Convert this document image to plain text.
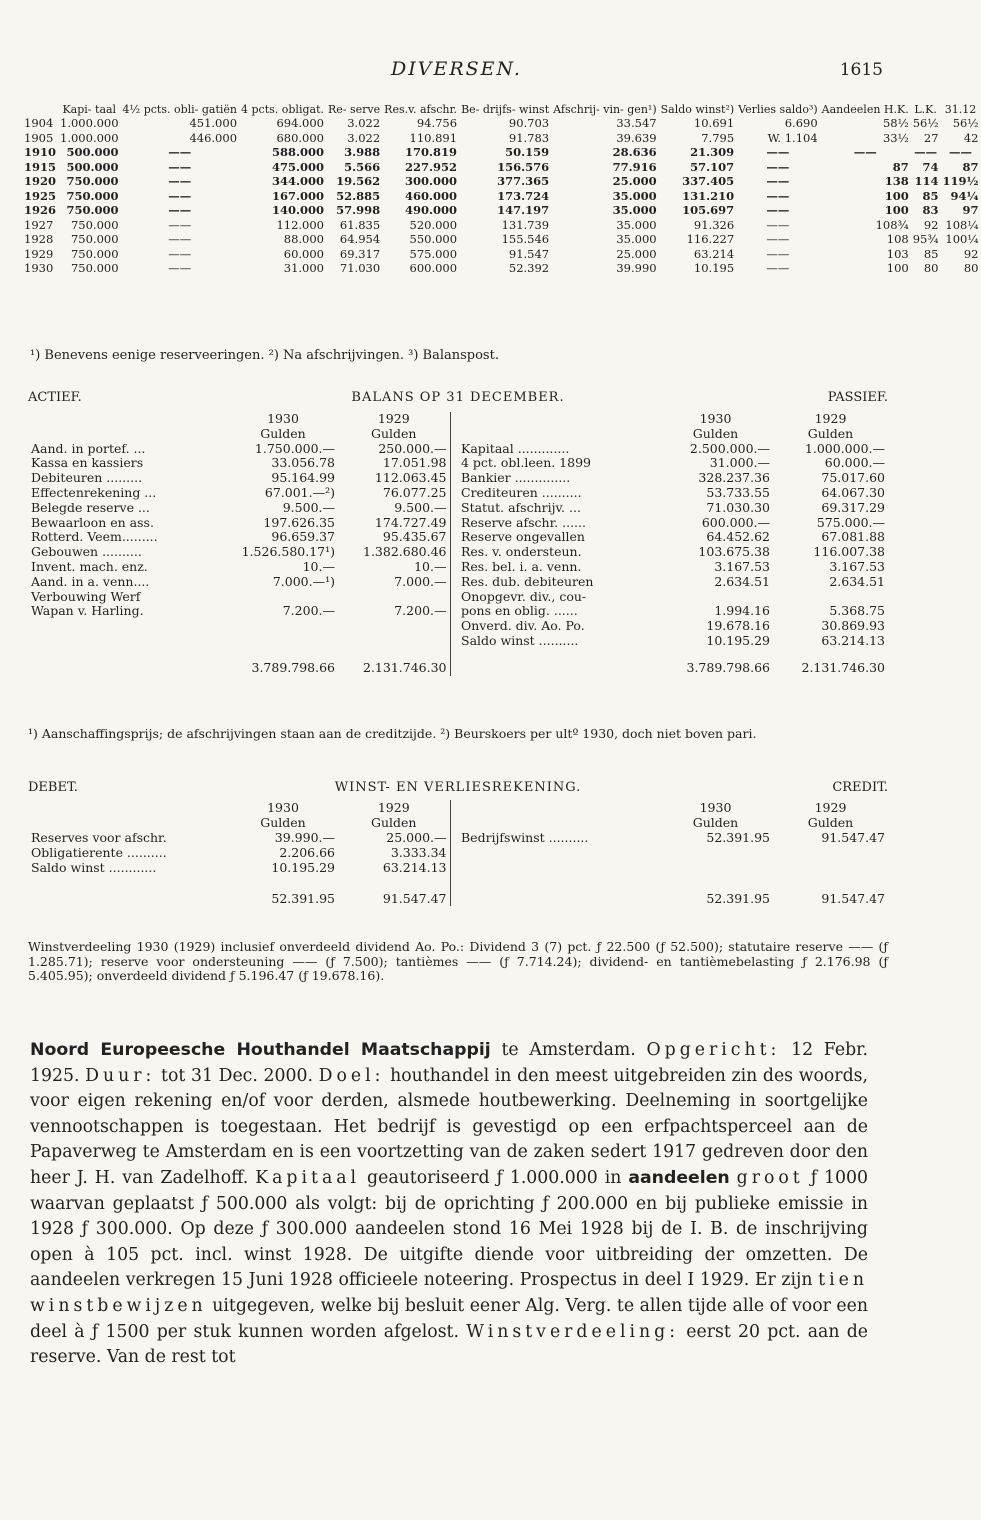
DIVERSEN.	1615
	Kapi- taal	4½ pcts. obli- gatiën	4 pcts. obligat.	Re- serve	Res.v. afschr.	Be- drijfs- winst	Afschrij- vin- gen¹)	Saldo winst²)	Verlies saldo³)	Aandeelen H.K.	L.K.	31.12
1904	1.000.000	451.000	694.000	3.022	94.756	90.703	33.547	10.691	6.690	58½	56½	56½
1905	1.000.000	446.000	680.000	3.022	110.891	91.783	39.639	7.795	W. 1.104	33½	27	42
1910	500.000	——	588.000	3.988	170.819	50.159	28.636	21.309	——	——	——	——
1915	500.000	——	475.000	5.566	227.952	156.576	77.916	57.107	——	87	74	87
1920	750.000	——	344.000	19.562	300.000	377.365	25.000	337.405	——	138	114	119½
1925	750.000	——	167.000	52.885	460.000	173.724	35.000	131.210	——	100	85	94¼
1926	750.000	——	140.000	57.998	490.000	147.197	35.000	105.697	——	100	83	97
1927	750.000	——	112.000	61.835	520.000	131.739	35.000	91.326	——	108¾	92	108¼
1928	750.000	——	88.000	64.954	550.000	155.546	35.000	116.227	——	108	95¾	100¼
1929	750.000	——	60.000	69.317	575.000	91.547	25.000	63.214	——	103	85	92
1930	750.000	——	31.000	71.030	600.000	52.392	39.990	10.195	——	100	80	80
¹) Benevens eenige reserveeringen. ²) Na afschrijvingen. ³) Balanspost.
BALANS OP 31 DECEMBER.
ACTIEF.	PASSIEF.
	1930	1929			1930	1929
	Gulden	Gulden			Gulden	Gulden
Aand. in portef. ...	1.750.000.—	250.000.—		Kapitaal .............	2.500.000.—	1.000.000.—
Kassa en kassiers	33.056.78	17.051.98		4 pct. obl.leen. 1899	31.000.—	60.000.—
Debiteuren .........	95.164.99	112.063.45		Bankier ..............	328.237.36	75.017.60
Effectenrekening ...	67.001.—²)	76.077.25		Crediteuren ..........	53.733.55	64.067.30
Belegde reserve ...	9.500.—	9.500.—		Statut. afschrijv. ...	71.030.30	69.317.29
Bewaarloon en ass.	197.626.35	174.727.49		Reserve afschr. ......	600.000.—	575.000.—
Rotterd. Veem.........	96.659.37	95.435.67		Reserve ongevallen	64.452.62	67.081.88
Gebouwen ..........	1.526.580.17¹)	1.382.680.46		Res. v. ondersteun.	103.675.38	116.007.38
Invent. mach. enz.	10.—	10.—		Res. bel. i. a. venn.	3.167.53	3.167.53
Aand. in a. venn....	7.000.—¹)	7.000.—		Res. dub. debiteuren	2.634.51	2.634.51
Verbouwing Werf				Onopgevr. div., cou-		
Wapan v. Harling.	7.200.—	7.200.—		pons en oblig. ......	1.994.16	5.368.75
				Onverd. div. Ao. Po.	19.678.16	30.869.93
				Saldo winst ..........	10.195.29	63.214.13
	3.789.798.66	2.131.746.30			3.789.798.66	2.131.746.30
¹) Aanschaffingsprijs; de afschrijvingen staan aan de creditzijde. ²) Beurskoers per ultº 1930, doch niet boven pari.
WINST- EN VERLIESREKENING.
DEBET.	CREDIT.
	1930	1929			1930	1929
	Gulden	Gulden			Gulden	Gulden
Reserves voor afschr.	39.990.—	25.000.—		Bedrijfswinst ..........	52.391.95	91.547.47
Obligatierente ..........	2.206.66	3.333.34				
Saldo winst ............	10.195.29	63.214.13				
	52.391.95	91.547.47			52.391.95	91.547.47
Winstverdeeling 1930 (1929) inclusief onverdeeld dividend Ao. Po.: Dividend 3 (7) pct. ƒ 22.500 (ƒ 52.500); statutaire reserve —— (ƒ 1.285.71); reserve voor ondersteuning —— (ƒ 7.500); tantièmes —— (ƒ 7.714.24); dividend- en tantièmebelasting ƒ 2.176.98 (ƒ 5.405.95); onverdeeld dividend ƒ 5.196.47 (ƒ 19.678.16).
Noord Europeesche Houthandel Maatschappij te Amsterdam. Opgericht: 12 Febr. 1925. Duur: tot 31 Dec. 2000. Doel: houthandel in den meest uitgebreiden zin des woords, voor eigen rekening en/of voor derden, alsmede houtbewerking. Deelneming in soortgelijke vennootschappen is toegestaan. Het bedrijf is gevestigd op een erfpachtsperceel aan de Papaverweg te Amsterdam en is een voortzetting van de zaken sedert 1917 gedreven door den heer J. H. van Zadelhoff. Kapitaal geautoriseerd ƒ 1.000.000 in aandeelen groot ƒ 1000 waarvan geplaatst ƒ 500.000 als volgt: bij de oprichting ƒ 200.000 en bij publieke emissie in 1928 ƒ 300.000. Op deze ƒ 300.000 aandeelen stond 16 Mei 1928 bij de I. B. de inschrijving open à 105 pct. incl. winst 1928. De uitgifte diende voor uitbreiding der omzetten. De aandeelen verkregen 15 Juni 1928 officieele noteering. Prospectus in deel I 1929. Er zijn tien winstbewijzen uitgegeven, welke bij besluit eener Alg. Verg. te allen tijde alle of voor een deel à ƒ 1500 per stuk kunnen worden afgelost. Winstverdeeling: eerst 20 pct. aan de reserve. Van de rest tot
